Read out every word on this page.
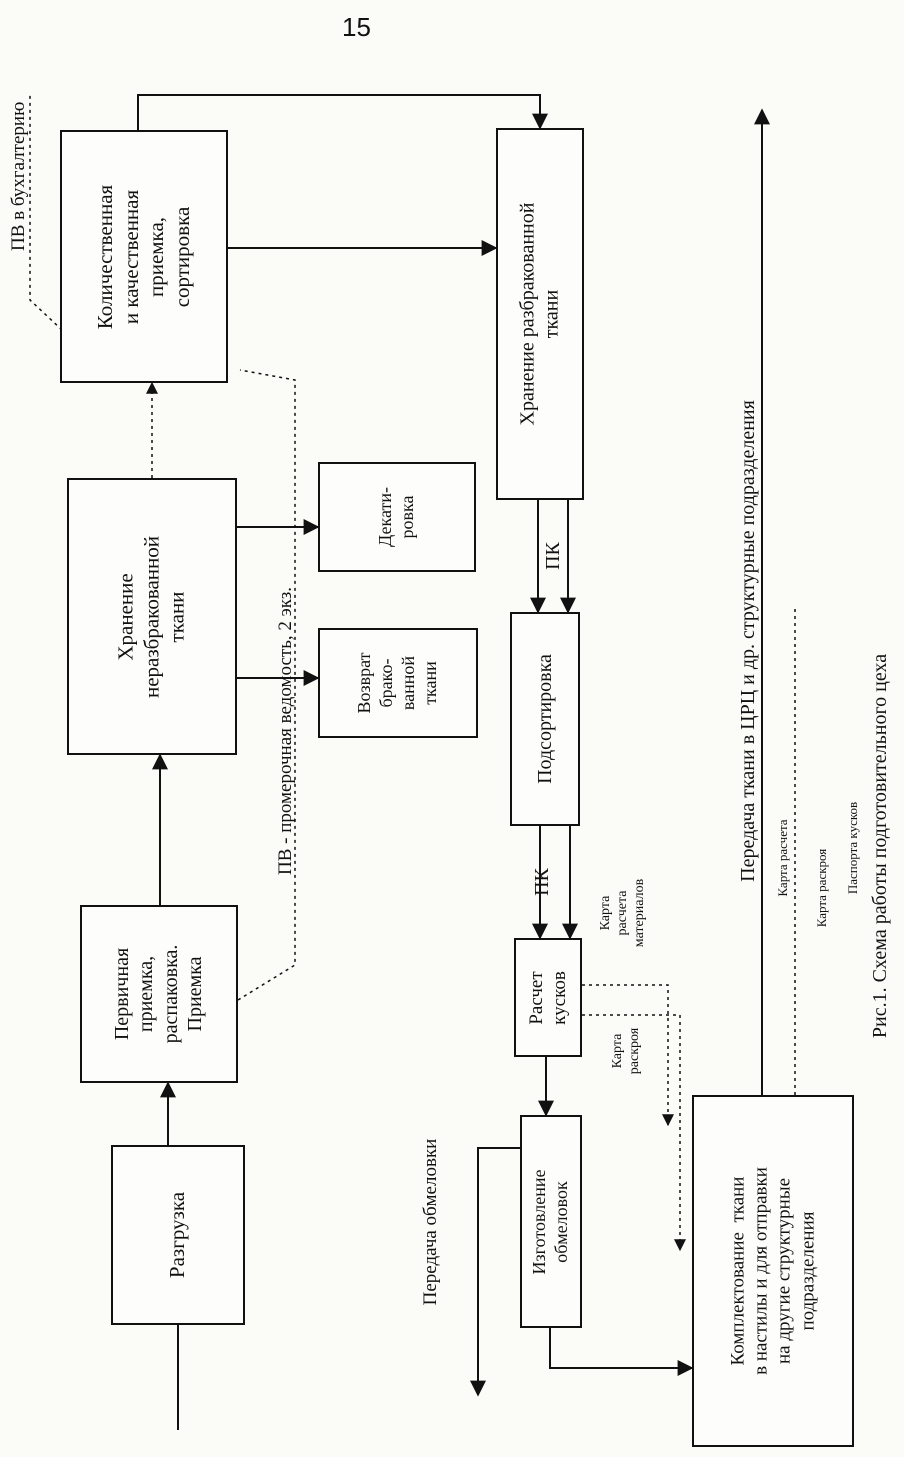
15
Разгрузка
Первичная
приемка,
распаковка.
Приемка
Хранение
неразбракованной
ткани
Количественная
и качественная
приемка,
сортировка
Возврат
брако-
ванной
ткани
Декати-
ровка
Хранение разбракованной
ткани
Подсортировка
Расчет
кусков
Изготовление
обмеловок
Комплектование  ткани
в настилы и для отправки
на другие структурные
подразделения
ПВ в бухгалтерию
ПВ - промерочная ведомость, 2 экз.
ПК
ПК
Карта
расчета
материалов
Карта
раскроя
Передача обмеловки
Передача ткани в ЦРЦ и др. структурные подразделения	Карта расчета	Карта раскроя	Паспорта кусков Рис.1. Схема работы подготовительного цеха
